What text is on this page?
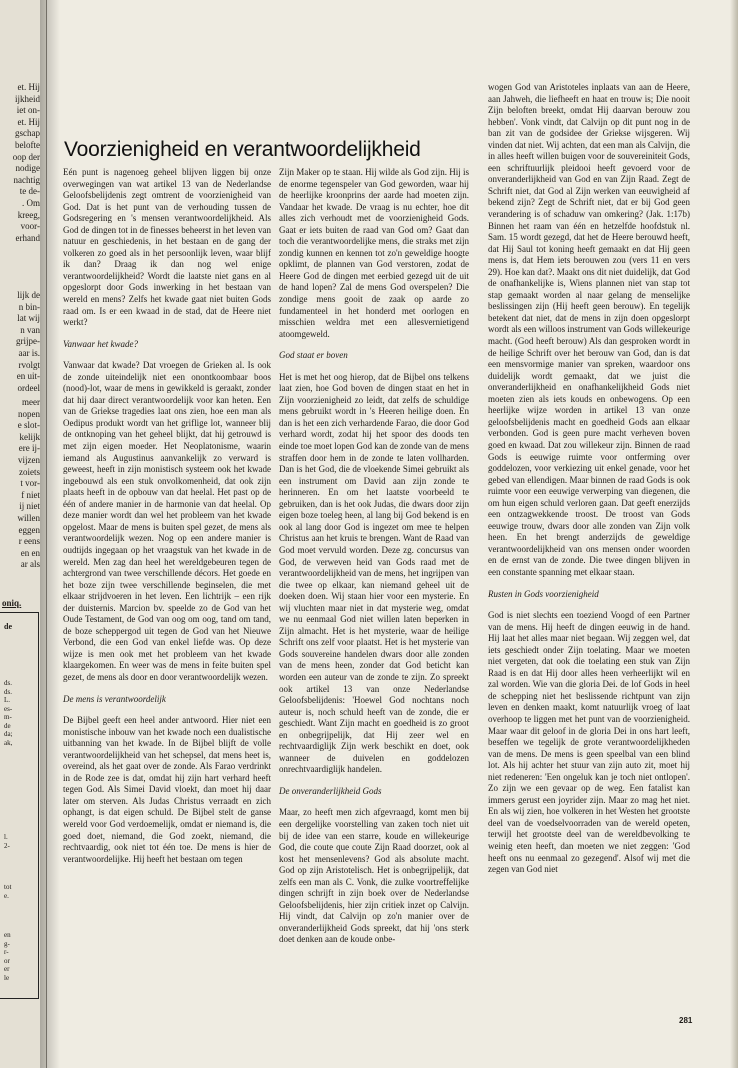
et. Hij
ijkheid
iet on-
et. Hij
gschap
belofte
oop der
nodige
nachtig
te de-
. Om
kreeg,
voor-
erhand
lijk de
n bin-
lat wij
n van
grijpe-
aar is.
rvolgt
en uit-
ordeel
meer
nopen
e slot-
kelijk
ere ij-
vijzen
zoiets
t vor-
f niet
ij niet
willen
eggen
r eens
en en
ar als
oniq.
de
ds.
ds.
L.
es-
m-
de
da;
ak,
l.
2-
tot
e.
en
g-
r-
or
er
le
Voorzienigheid en verantwoordelijkheid

Eén punt is nagenoeg geheel blijven liggen bij onze overwegingen van wat artikel 13 van de Nederlandse Geloofsbelijdenis zegt omtrent de voorzienigheid van God. Dat is het punt van de verhouding tussen de Godsregering en 's mensen verantwoordelijkheid. Als God de dingen tot in de finesses beheerst in het leven van natuur en geschiedenis, in het bestaan en de gang der volkeren zo goed als in het persoonlijk leven, waar blijf ik dan? Draag ik dan nog wel enige verantwoordelijkheid? Wordt die laatste niet gans en al opgeslorpt door Gods inwerking in het bestaan van wereld en mens? Zelfs het kwade gaat niet buiten Gods raad om. Is er een kwaad in de stad, dat de Heere niet werkt?

Vanwaar het kwade?

Vanwaar dat kwade? Dat vroegen de Grieken al. Is ook de zonde uiteindelijk niet een onontkoombaar boos (nood)-lot, waar de mens in gewikkeld is geraakt, zonder dat hij daar direct verantwoordelijk voor kan heten. Een van de Griekse tragedies laat ons zien, hoe een man als Oedipus produkt wordt van het griflige lot, wanneer blij de ontknoping van het geheel blijkt, dat hij getrouwd is met zijn eigen moeder. Het Neoplatonisme, waarin iemand als Augustinus aanvankelijk zo verward is geweest, heeft in zijn monistisch systeem ook het kwade ingebouwd als een stuk onvolkomenheid, dat ook zijn plaats heeft in de opbouw van dat heelal. Het past op de één of andere manier in de harmonie van dat heelal. Op deze manier wordt dan wel het probleem van het kwade opgelost. Maar de mens is buiten spel gezet, de mens als verantwoordelijk wezen. Nog op een andere manier is oudtijds ingegaan op het vraagstuk van het kwade in de wereld. Men zag dan heel het wereldgebeuren tegen de achtergrond van twee verschillende décors. Het goede en het boze zijn twee verschillende beginselen, die met elkaar strijdvoeren in het leven. Een lichtrijk – een rijk der duisternis. Marcion bv. speelde zo de God van het Oude Testament, de God van oog om oog, tand om tand, de boze scheppergod uit tegen de God van het Nieuwe Verbond, die een God van enkel liefde was. Op deze wijze is men ook met het probleem van het kwade klaargekomen. En weer was de mens in feite buiten spel gezet, de mens als door en door verantwoordelijk wezen.

De mens is verantwoordelijk

De Bijbel geeft een heel ander antwoord. Hier niet een monistische inbouw van het kwade noch een dualistische uitbanning van het kwade. In de Bijbel blijft de volle verantwoordelijkheid van het schepsel, dat mens heet is, overeind, als het gaat over de zonde. Als Farao verdrinkt in de Rode zee is dat, omdat hij zijn hart verhard heeft tegen God. Als Simei David vloekt, dan moet hij daar later om sterven. Als Judas Christus verraadt en zich ophangt, is dat eigen schuld. De Bijbel stelt de ganse wereld voor God verdoemelijk, omdat er niemand is, die goed doet, niemand, die God zoekt, niemand, die rechtvaardig, ook niet tot één toe. De mens is hier de verantwoordelijke. Hij heeft het bestaan om tegen

Zijn Maker op te staan. Hij wilde als God zijn. Hij is de enorme tegenspeler van God geworden, waar hij de heerlijke kroonprins der aarde had moeten zijn. Vandaar het kwade. De vraag is nu echter, hoe dit alles zich verhoudt met de voorzienigheid Gods. Gaat er iets buiten de raad van God om? Gaat dan toch die verantwoordelijke mens, die straks met zijn zondig kunnen en kennen tot zo'n geweldige hoogte opklimt, de plannen van God verstoren, zodat de Heere God de dingen met eerbied gezegd uit de uit de hand lopen? Zal de mens God overspelen? Die zondige mens gooit de zaak op aarde zo fundamenteel in het honderd met oorlogen en misschien weldra met een allesvernietigend atoomgeweld.

God staat er boven

Het is met het oog hierop, dat de Bijbel ons telkens laat zien, hoe God boven de dingen staat en het in Zijn voorzienigheid zo leidt, dat zelfs de schuldige mens gebruikt wordt in 's Heeren heilige doen. En dan is het een zich verhardende Farao, die door God verhard wordt, zodat hij het spoor des doods ten einde toe moet lopen God kan de zonde van de mens straffen door hem in de zonde te laten vollharden. Dan is het God, die de vloekende Simei gebruikt als een instrument om David aan zijn zonde te herinneren. En om het laatste voorbeeld te gebruiken, dan is het ook Judas, die dwars door zijn eigen boze toeleg heen, al lang bij God bekend is en ook al lang door God is ingezet om mee te helpen Christus aan het kruis te brengen. Want de Raad van God moet vervuld worden. Deze zg. concursus van God, de verweven heid van Gods raad met de verantwoordelijkheid van de mens, het ingrijpen van die twee op elkaar, kan niemand geheel uit de doeken doen. Wij staan hier voor een mysterie. En wij vluchten maar niet in dat mysterie weg, omdat we nu eenmaal God niet willen laten beperken in Zijn almacht. Het is het mysterie, waar de heilige Schrift ons zelf voor plaatst. Het is het mysterie van Gods souvereine handelen dwars door alle zonden van de mens heen, zonder dat God beticht kan worden een auteur van de zonde te zijn. Zo spreekt ook artikel 13 van onze Nederlandse Geloofsbelijdenis: 'Hoewel God nochtans noch auteur is, noch schuld heeft van de zonde, die er geschiedt. Want Zijn macht en goedheid is zo groot en onbegrijpelijk, dat Hij zeer wel en rechtvaardiglijk Zijn werk beschikt en doet, ook wanneer de duivelen en goddelozen onrechtvaardiglijk handelen.

De onveranderlijkheid Gods

Maar, zo heeft men zich afgevraagd, komt men bij een dergelijke voorstelling van zaken toch niet uit bij de idee van een starre, koude en willekeurige God, die coute que coute Zijn Raad doorzet, ook al kost het mensenlevens? God als absolute macht. God op zijn Aristotelisch. Het is onbegrijpelijk, dat zelfs een man als C. Vonk, die zulke voortreffelijke dingen schrijft in zijn boek over de Nederlandse Geloofsbelijdenis, hier zijn critiek inzet op Calvijn. Hij vindt, dat Calvijn op zo'n manier over de onveranderlijkheid Gods spreekt, dat hij 'ons sterk doet denken aan de koude onbe-

wogen God van Aristoteles inplaats van aan de Heere, aan Jahweh, die liefheeft en haat en trouw is; Die nooit Zijn beloften breekt, omdat Hij daarvan berouw zou hebben'. Vonk vindt, dat Calvijn op dit punt nog in de ban zit van de godsidee der Griekse wijsgeren. Wij vinden dat niet. Wij achten, dat een man als Calvijn, die in alles heeft willen buigen voor de souvereiniteit Gods, een schriftuurlijk pleidooi heeft gevoerd voor de onveranderlijkheid van God en van Zijn Raad. Zegt de Schrift niet, dat God al Zijn werken van eeuwigheid af bekend zijn? Zegt de Schrift niet, dat er bij God geen verandering is of schaduw van omkering? (Jak. 1:17b) Binnen het raam van één en hetzelfde hoofdstuk nl. Sam. 15 wordt gezegd, dat het de Heere berouwd heeft, dat Hij Saul tot koning heeft gemaakt en dat Hij geen mens is, dat Hem iets berouwen zou (vers 11 en vers 29). Hoe kan dat?. Maakt ons dit niet duidelijk, dat God de onafhankelijke is, Wiens plannen niet van stap tot stap gemaakt worden al naar gelang de menselijke beslissingen zijn (Hij heeft geen berouw). En tegelijk betekent dat niet, dat de mens in zijn doen opgeslorpt wordt als een willoos instrument van Gods willekeurige macht. (God heeft berouw) Als dan gesproken wordt in de heilige Schrift over het berouw van God, dan is dat een mensvormige manier van spreken, waardoor ons duidelijk wordt gemaakt, dat we juist die onveranderlijkheid en onafhankelijkheid Gods niet moeten zien als iets kouds en onbewogens. Op een heerlijke wijze worden in artikel 13 van onze geloofsbelijdenis macht en goedheid Gods aan elkaar verbonden. God is geen pure macht verheven boven goed en kwaad. Dat zou willekeur zijn. Binnen de raad Gods is eeuwige ruimte voor ontferming over goddelozen, voor verkiezing uit enkel genade, voor het gebed van ellendigen. Maar binnen de raad Gods is ook ruimte voor een eeuwige verwerping van diegenen, die om hun eigen schuld verloren gaan. Dat geeft enerzijds een ontzagwekkende troost. De troost van Gods eeuwige trouw, dwars door alle zonden van Zijn volk heen. En het brengt anderzijds de geweldige verantwoordelijkheid van ons mensen onder woorden en de ernst van de zonde. Die twee dingen blijven in een constante spanning met elkaar staan.

Rusten in Gods voorzienigheid

God is niet slechts een toeziend Voogd of een Partner van de mens. Hij heeft de dingen eeuwig in de hand. Hij laat het alles maar niet begaan. Wij zeggen wel, dat iets geschiedt onder Zijn toelating. Maar we moeten niet vergeten, dat ook die toelating een stuk van Zijn Raad is en dat Hij door alles heen verheerlijkt wil en zal worden. Wie van die gloria Dei. de lof Gods in heel de schepping niet het beslissende richtpunt van zijn leven en denken maakt, komt natuurlijk vroeg of laat overhoop te liggen met het punt van de voorzienigheid. Maar waar dit geloof in de gloria Dei in ons hart leeft, beseffen we tegelijk de grote verantwoordelijkheden van de mens. De mens is geen speelbal van een blind lot. Als hij achter het stuur van zijn auto zit, moet hij niet redeneren: 'Een ongeluk kan je toch niet ontlopen'. Zo zijn we een gevaar op de weg. Een fatalist kan immers gerust een joyrider zijn. Maar zo mag het niet. En als wij zien, hoe volkeren in het Westen het grootste deel van de voedselvoorraden van de wereld opeten, terwijl het grootste deel van de wereldbevolking te weinig eten heeft, dan moeten we niet zeggen: 'God heeft ons nu eenmaal zo gezegend'. Alsof wij met die zegen van God niet

281
